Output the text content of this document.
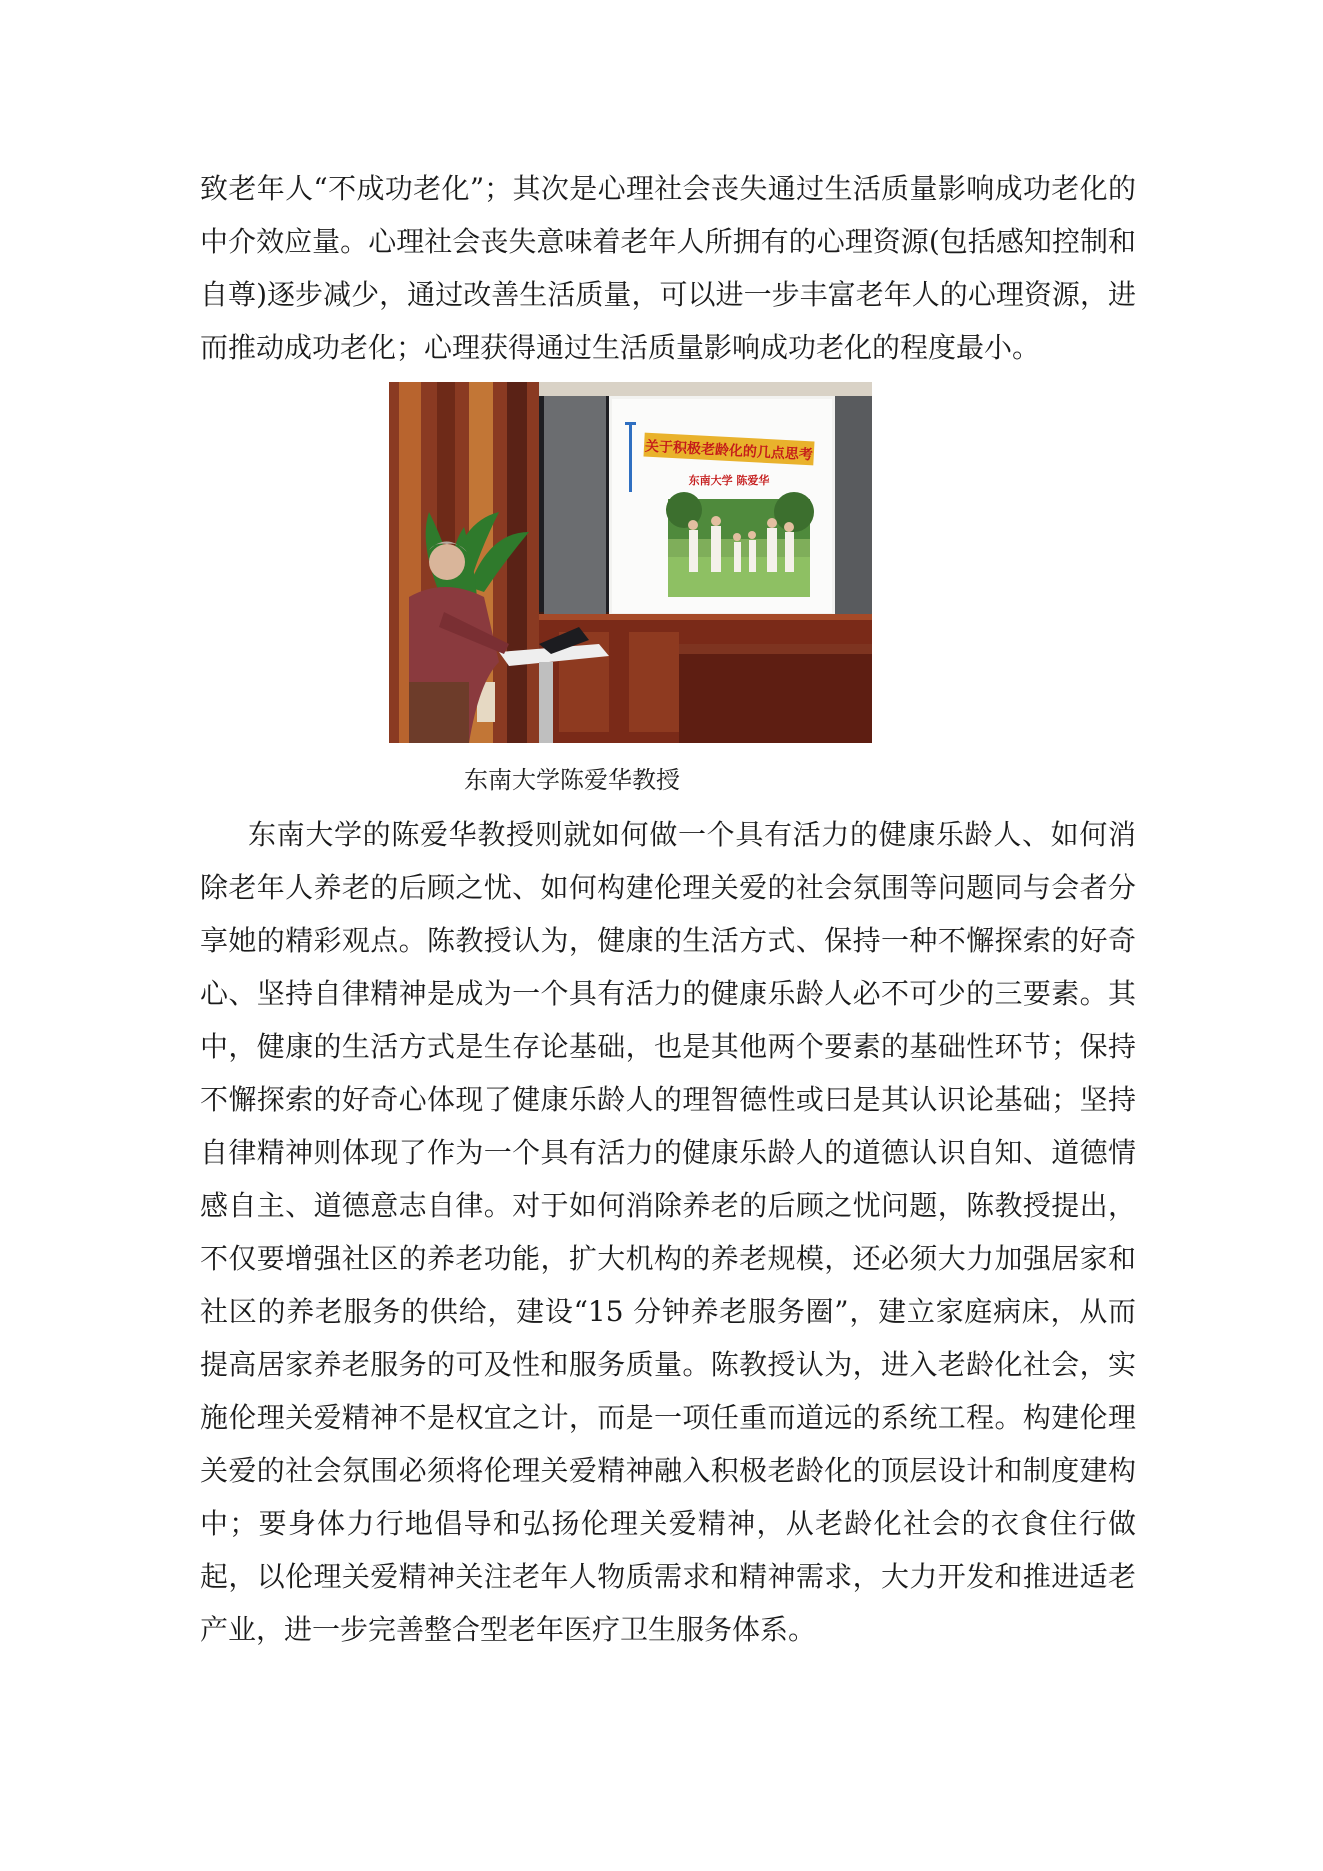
致老年人“不成功老化”；其次是心理社会丧失通过生活质量影响成功老化的中介效应量。心理社会丧失意味着老年人所拥有的心理资源(包括感知控制和自尊)逐步减少，通过改善生活质量，可以进一步丰富老年人的心理资源，进而推动成功老化；心理获得通过生活质量影响成功老化的程度最小。

关于积极老龄化的几点思考
东南大学 陈爱华

东南大学陈爱华教授

东南大学的陈爱华教授则就如何做一个具有活力的健康乐龄人、如何消除老年人养老的后顾之忧、如何构建伦理关爱的社会氛围等问题同与会者分享她的精彩观点。陈教授认为，健康的生活方式、保持一种不懈探索的好奇心、坚持自律精神是成为一个具有活力的健康乐龄人必不可少的三要素。其中，健康的生活方式是生存论基础，也是其他两个要素的基础性环节；保持不懈探索的好奇心体现了健康乐龄人的理智德性或曰是其认识论基础；坚持自律精神则体现了作为一个具有活力的健康乐龄人的道德认识自知、道德情感自主、道德意志自律。对于如何消除养老的后顾之忧问题，陈教授提出，不仅要增强社区的养老功能，扩大机构的养老规模，还必须大力加强居家和社区的养老服务的供给，建设“15 分钟养老服务圈”，建立家庭病床，从而提高居家养老服务的可及性和服务质量。陈教授认为，进入老龄化社会，实施伦理关爱精神不是权宜之计，而是一项任重而道远的系统工程。构建伦理关爱的社会氛围必须将伦理关爱精神融入积极老龄化的顶层设计和制度建构中；要身体力行地倡导和弘扬伦理关爱精神，从老龄化社会的衣食住行做起，以伦理关爱精神关注老年人物质需求和精神需求，大力开发和推进适老产业，进一步完善整合型老年医疗卫生服务体系。
